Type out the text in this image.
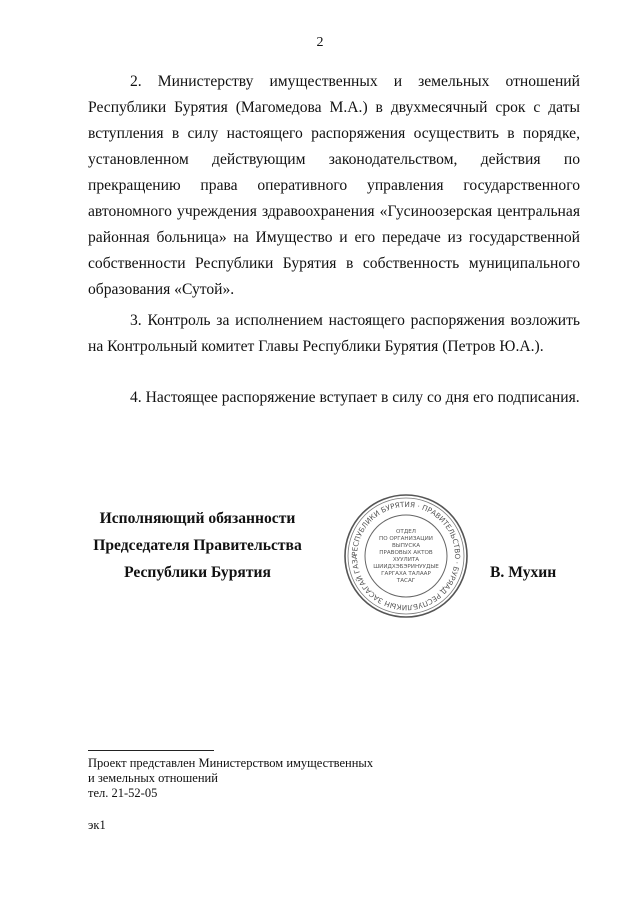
2

2. Министерству имущественных и земельных отношений Республики Бурятия (Магомедова М.А.) в двухмесячный срок с даты вступления в силу настоящего распоряжения осуществить в порядке, установленном действующим законодательством, действия по прекращению права оперативного управления государственного автономного учреждения здравоохранения «Гусиноозерская центральная районная больница» на Имущество и его передаче из государственной собственности Республики Бурятия в собственность муниципального образования «Сутой».

3. Контроль за исполнением настоящего распоряжения возложить на Контрольный комитет Главы Республики Бурятия (Петров Ю.А.).

4. Настоящее распоряжение вступает в силу со дня его подписания.

Исполняющий обязанности
Председателя Правительства
Республики Бурятия
РЕСПУБЛИКИ БУРЯТИЯ · ПРАВИТЕЛЬСТВО · БУРЯАД РЕСПУБЛИКЫН ЗАСАГАЙ ГАЗА
ОТДЕЛ
ПО ОРГАНИЗАЦИИ
ВЫПУСКА
ПРАВОВЫХ АКТОВ
ХУУЛИТА
ШИИДХЭБЭРИНУУДЫЕ
ГАРГАХА ТАЛААР
ТАСАГ	В. Мухин
Проект представлен Министерством имущественных
и земельных отношений
тел. 21-52-05
эк1
